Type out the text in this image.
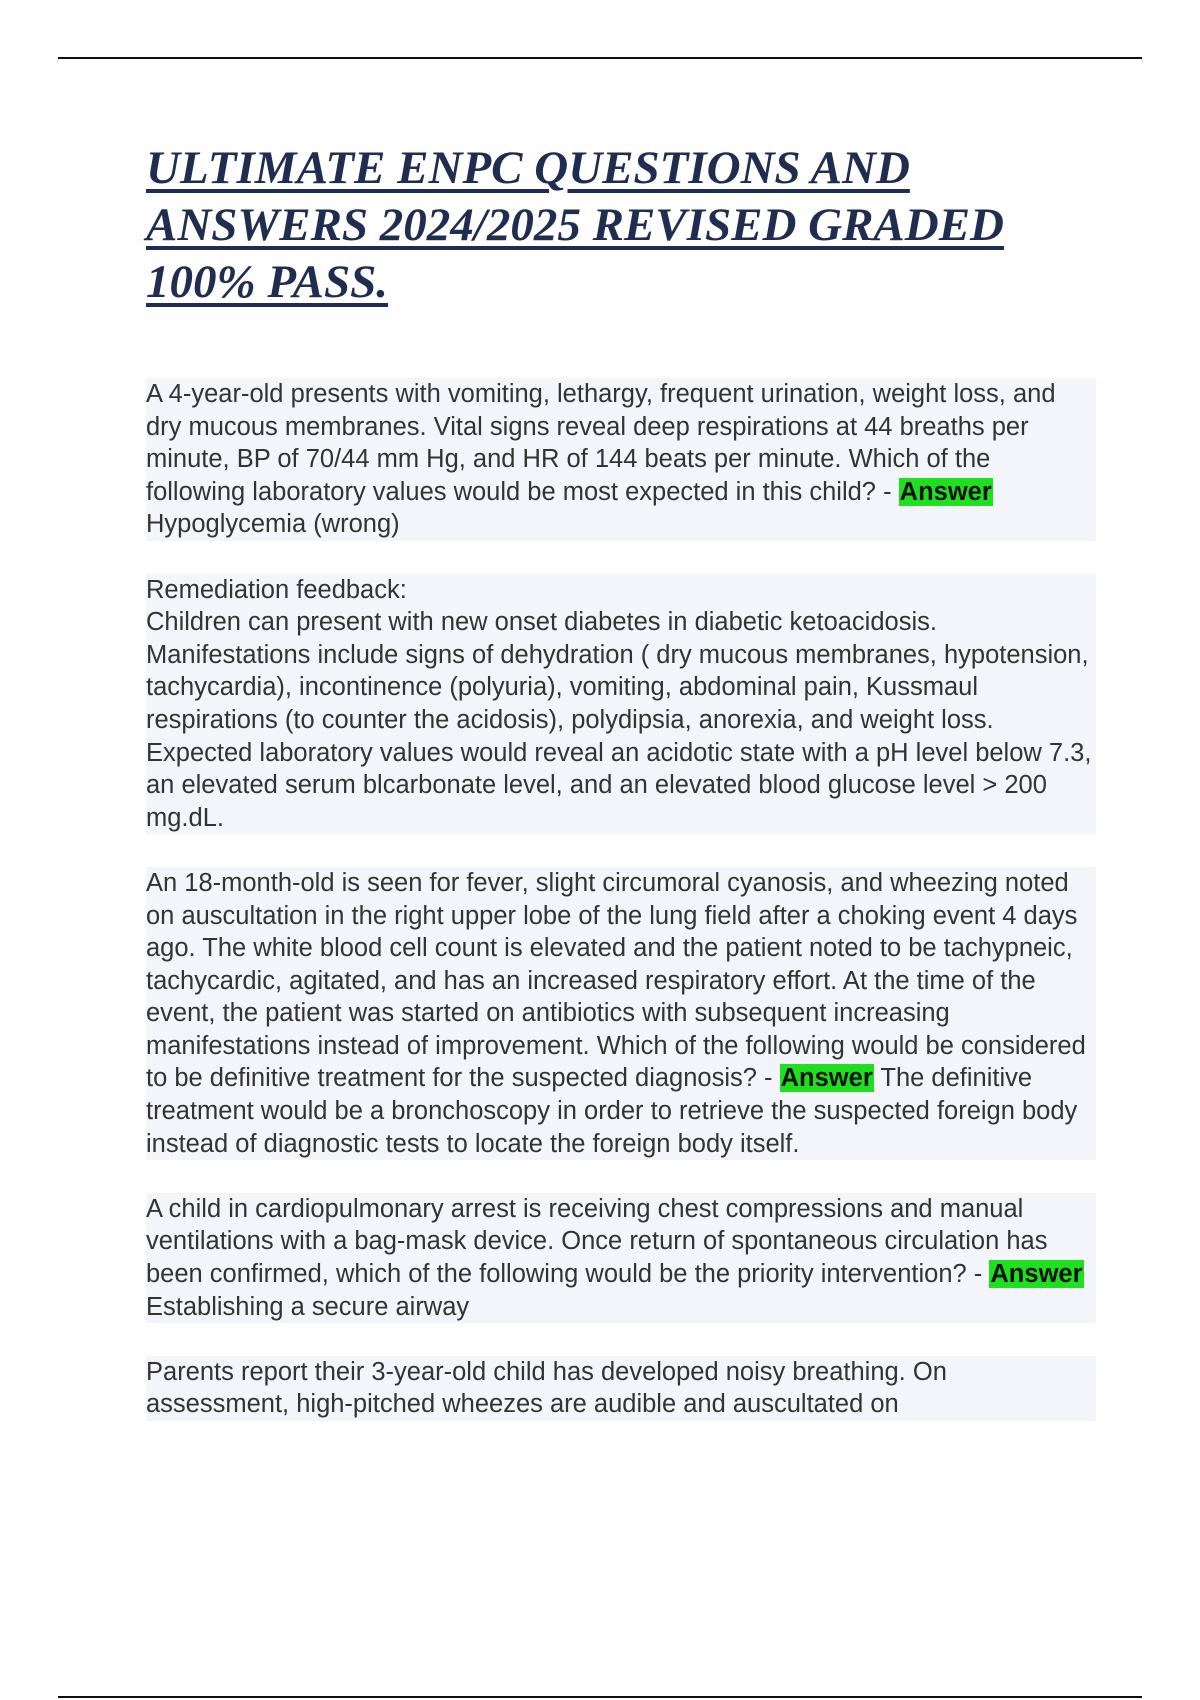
ULTIMATE ENPC QUESTIONS AND ANSWERS 2024/2025 REVISED GRADED 100% PASS.

A 4-year-old presents with vomiting, lethargy, frequent urination, weight loss, and dry mucous membranes. Vital signs reveal deep respirations at 44 breaths per minute, BP of 70/44 mm Hg, and HR of 144 beats per minute. Which of the following laboratory values would be most expected in this child? - Answer Hypoglycemia (wrong)

Remediation feedback:
Children can present with new onset diabetes in diabetic ketoacidosis. Manifestations include signs of dehydration ( dry mucous membranes, hypotension, tachycardia), incontinence (polyuria), vomiting, abdominal pain, Kussmaul respirations (to counter the acidosis), polydipsia, anorexia, and weight loss. Expected laboratory values would reveal an acidotic state with a pH level below 7.3, an elevated serum blcarbonate level, and an elevated blood glucose level > 200 mg.dL.

An 18-month-old is seen for fever, slight circumoral cyanosis, and wheezing noted on auscultation in the right upper lobe of the lung field after a choking event 4 days ago. The white blood cell count is elevated and the patient noted to be tachypneic, tachycardic, agitated, and has an increased respiratory effort. At the time of the event, the patient was started on antibiotics with subsequent increasing manifestations instead of improvement. Which of the following would be considered to be definitive treatment for the suspected diagnosis? - Answer The definitive treatment would be a bronchoscopy in order to retrieve the suspected foreign body instead of diagnostic tests to locate the foreign body itself.

A child in cardiopulmonary arrest is receiving chest compressions and manual ventilations with a bag-mask device. Once return of spontaneous circulation has been confirmed, which of the following would be the priority intervention? - Answer Establishing a secure airway

Parents report their 3-year-old child has developed noisy breathing. On assessment, high-pitched wheezes are audible and auscultated on
